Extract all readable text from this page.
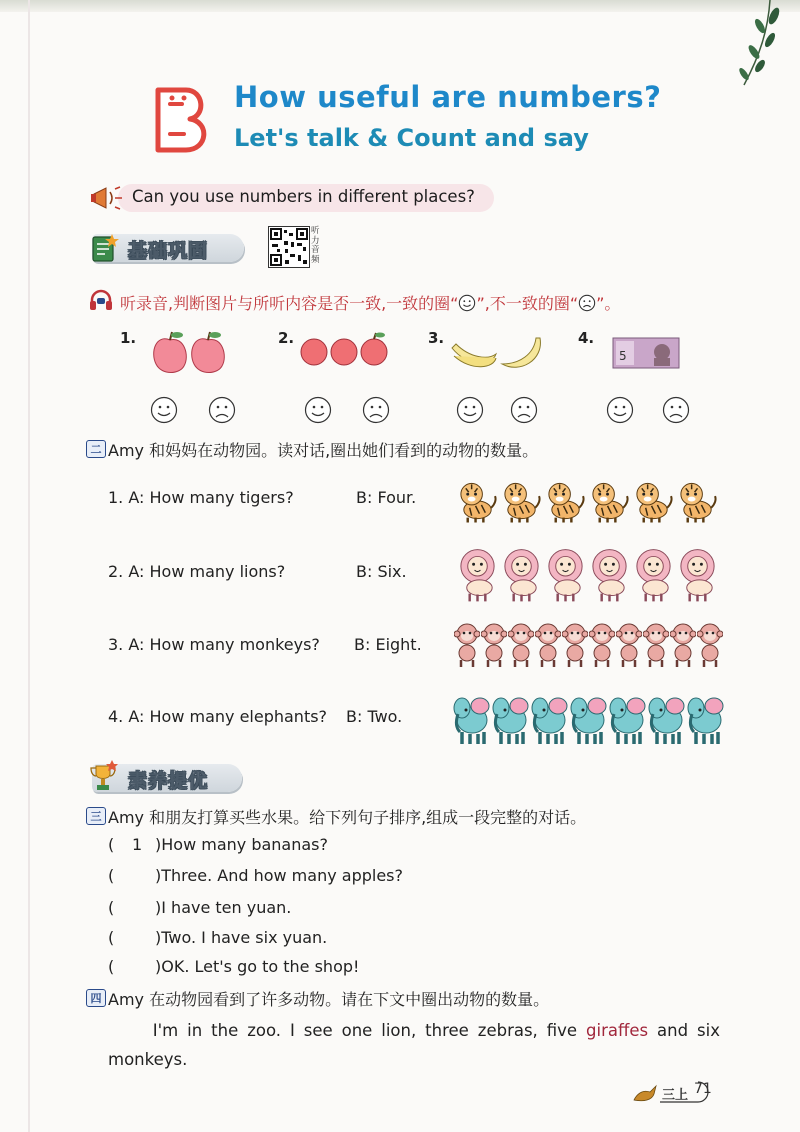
How useful are numbers?
Let's talk & Count and say
Can you use numbers in different places?
基础巩固
听力音频
听录音,判断图片与所听内容是否一致,一致的圈“ ”,不一致的圈“ ”。
1.	2.	3.	4.
5
二 Amy 和妈妈在动物园。读对话,圈出她们看到的动物的数量。
1. A: How many tigers?	B: Four.
2. A: How many lions?	B: Six.
3. A: How many monkeys? B: Eight.
4. A: How many elephants? B: Two.
素养提优
三 Amy 和朋友打算买些水果。给下列句子排序,组成一段完整的对话。
( 1 )How many bananas?
(	)Three. And how many apples?
(	)I have ten yuan.
(	)Two. I have six yuan.
(	)OK. Let's go to the shop!
四 Amy 在动物园看到了许多动物。请在下文中圈出动物的数量。
I'm in the zoo. I see one lion, three zebras, five giraffes and six monkeys.
三上 71
